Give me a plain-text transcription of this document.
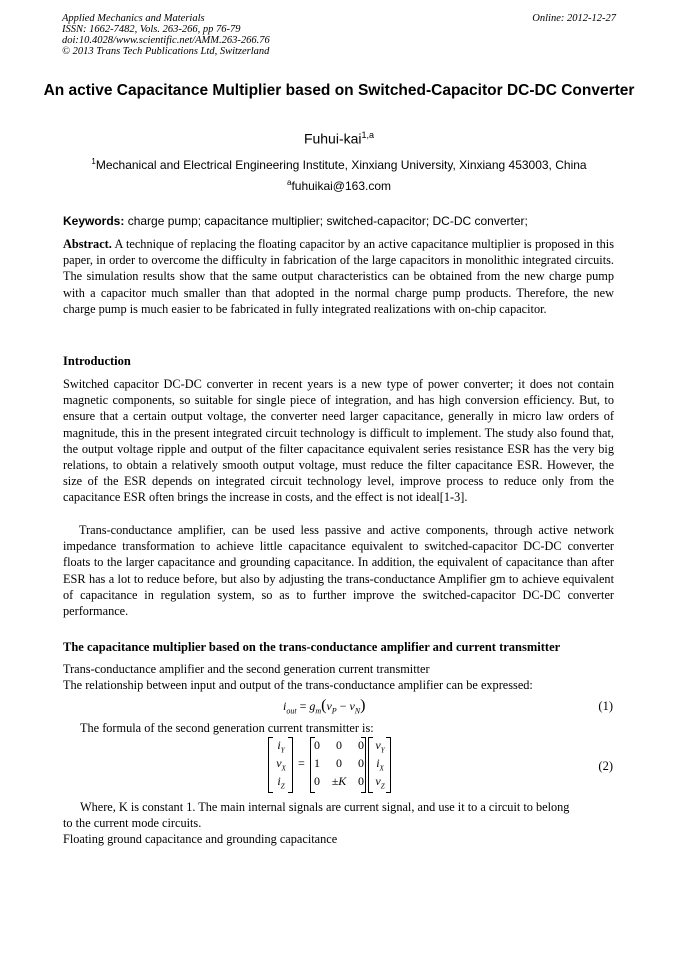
Applied Mechanics and Materials
ISSN: 1662-7482, Vols. 263-266, pp 76-79
doi:10.4028/www.scientific.net/AMM.263-266.76
© 2013 Trans Tech Publications Ltd, Switzerland
Online: 2012-12-27
An active Capacitance Multiplier based on Switched-Capacitor DC-DC Converter
Fuhui-kai$^{1,a}$
$^1$Mechanical and Electrical Engineering Institute, Xinxiang University, Xinxiang 453003, China
$^a$fuhuikai@163.com
Keywords: charge pump; capacitance multiplier; switched-capacitor; DC-DC converter;
Abstract. A technique of replacing the floating capacitor by an active capacitance multiplier is proposed in this paper, in order to overcome the difficulty in fabrication of the large capacitors in monolithic integrated circuits. The simulation results show that the same output characteristics can be obtained from the new charge pump with a capacitor much smaller than that adopted in the normal charge pump products. Therefore, the new charge pump is much easier to be fabricated in fully integrated realizations with on-chip capacitor.
Introduction
Switched capacitor DC-DC converter in recent years is a new type of power converter; it does not contain magnetic components, so suitable for single piece of integration, and has high conversion efficiency. But, to ensure that a certain output voltage, the converter need larger capacitance, generally in micro law orders of magnitude, this in the present integrated circuit technology is difficult to implement. The study also found that, the output voltage ripple and output of the filter capacitance equivalent series resistance ESR has the very big relations, to obtain a relatively smooth output voltage, must reduce the filter capacitance ESR. However, the size of the ESR depends on integrated circuit technology level, improve process to reduce only from the capacitance ESR often brings the increase in costs, and the effect is not ideal[1-3].
Trans-conductance amplifier, can be used less passive and active components, through active network impedance transformation to achieve little capacitance equivalent to switched-capacitor DC-DC converter floats to the larger capacitance and grounding capacitance. In addition, the equivalent of capacitance than after ESR has a lot to reduce before, but also by adjusting the trans-conductance Amplifier gm to achieve equivalent of capacitance in regulation system, so as to further improve the switched-capacitor DC-DC converter performance.
The capacitance multiplier based on the trans-conductance amplifier and current transmitter
Trans-conductance amplifier and the second generation current transmitter
The relationship between input and output of the trans-conductance amplifier can be expressed:
$i_{out} = g_m(v_P - v_N)$	(1)
The formula of the second generation current transmitter is:
$i_Y$
$v_X$
$i_Z$
=
0 0 0
1 0 0
0 ±K 0
$v_Y$
$i_X$
$v_Z$
(2)
Where, K is constant 1. The main internal signals are current signal, and use it to a circuit to belong
to the current mode circuits.
Floating ground capacitance and grounding capacitance
